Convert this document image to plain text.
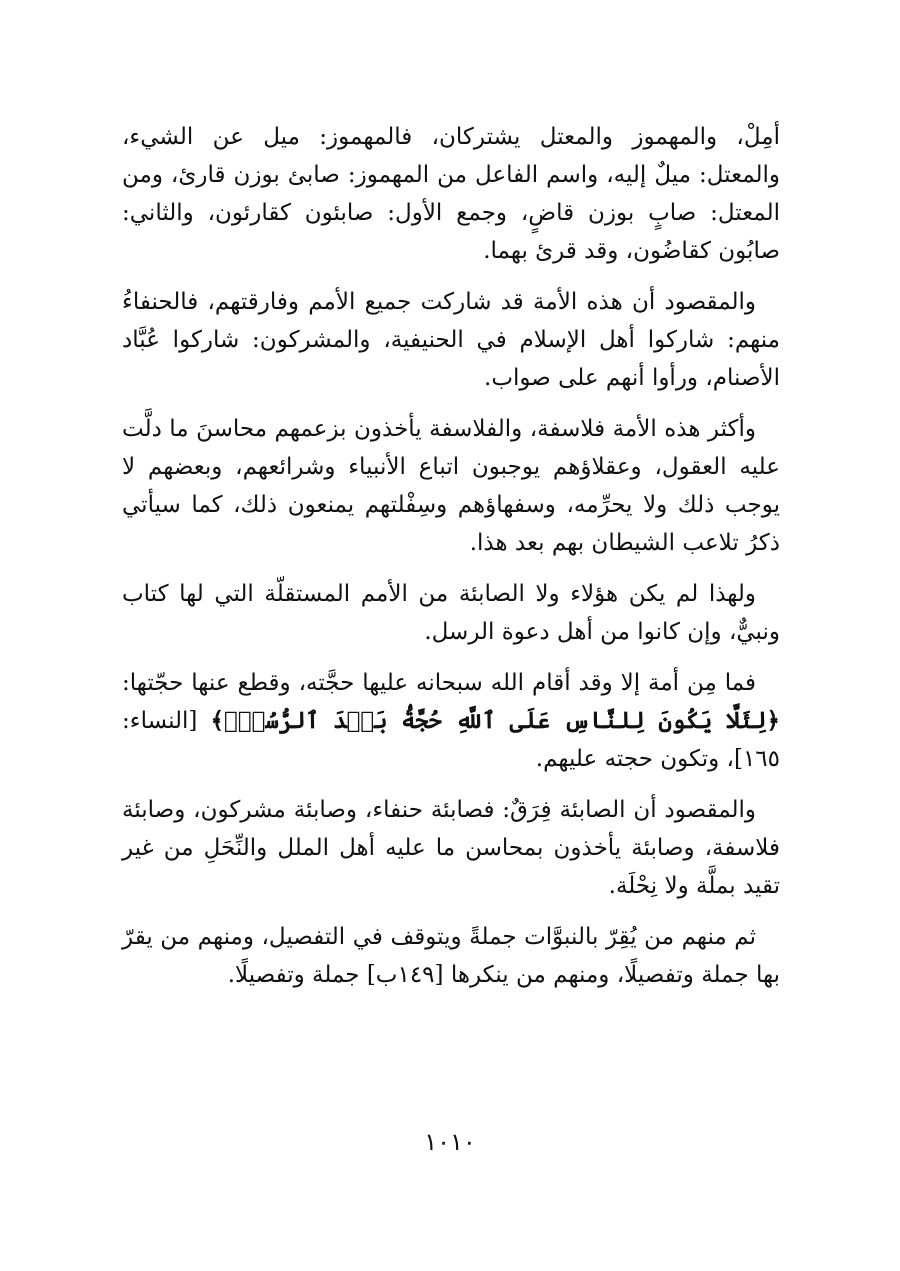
أمِلْ، والمهموز والمعتل يشتركان، فالمهموز: ميل عن الشيء، والمعتل: ميلٌ إليه، واسم الفاعل من المهموز: صابئ بوزن قارئ، ومن المعتل: صابٍ بوزن قاضٍ، وجمع الأول: صابئون كقارئون، والثاني: صابُون كقاضُون، وقد قرئ بهما.

والمقصود أن هذه الأمة قد شاركت جميع الأمم وفارقتهم، فالحنفاءُ منهم: شاركوا أهل الإسلام في الحنيفية، والمشركون: شاركوا عُبَّاد الأصنام، ورأوا أنهم على صواب.

وأكثر هذه الأمة فلاسفة، والفلاسفة يأخذون بزعمهم محاسنَ ما دلَّت عليه العقول، وعقلاؤهم يوجبون اتباع الأنبياء وشرائعهم، وبعضهم لا يوجب ذلك ولا يحرِّمه، وسفهاؤهم وسِفْلتهم يمنعون ذلك، كما سيأتي ذكرُ تلاعب الشيطان بهم بعد هذا.

ولهذا لم يكن هؤلاء ولا الصابئة من الأمم المستقلّة التي لها كتاب ونبيٌّ، وإن كانوا من أهل دعوة الرسل.

فما مِن أمة إلا وقد أقام الله سبحانه عليها حجَّته، وقطع عنها حجّتها: ﴿لِئَلَّا يَكُونَ لِلنَّاسِ عَلَى ٱللَّهِ حُجَّةُۢ بَعۡدَ ٱلرُّسُلِۚ﴾ [النساء: ١٦٥]، وتكون حجته عليهم.

والمقصود أن الصابئة فِرَقٌ: فصابئة حنفاء، وصابئة مشركون، وصابئة فلاسفة، وصابئة يأخذون بمحاسن ما عليه أهل الملل والنِّحَلِ من غير تقيد بملَّة ولا نِحْلَة.

ثم منهم من يُقِرّ بالنبوَّات جملةً ويتوقف في التفصيل، ومنهم من يقرّ بها جملة وتفصيلًا، ومنهم من ينكرها [١٤٩ب] جملة وتفصيلًا.

١٠١٠
